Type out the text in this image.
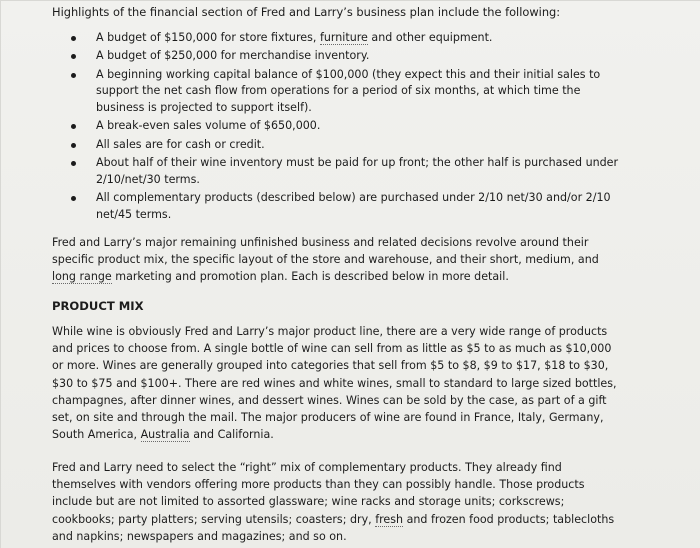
Highlights of the financial section of Fred and Larry’s business plan include the following:

A budget of $150,000 for store fixtures, furniture and other equipment.
A budget of $250,000 for merchandise inventory.
A beginning working capital balance of $100,000 (they expect this and their initial sales to support the net cash flow from operations for a period of six months, at which time the business is projected to support itself).
A break-even sales volume of $650,000.
All sales are for cash or credit.
About half of their wine inventory must be paid for up front; the other half is purchased under 2/10/net/30 terms.
All complementary products (described below) are purchased under 2/10 net/30 and/or 2/10 net/45 terms.

Fred and Larry’s major remaining unfinished business and related decisions revolve around their specific product mix, the specific layout of the store and warehouse, and their short, medium, and long range marketing and promotion plan. Each is described below in more detail.

PRODUCT MIX

While wine is obviously Fred and Larry’s major product line, there are a very wide range of products and prices to choose from. A single bottle of wine can sell from as little as $5 to as much as $10,000 or more. Wines are generally grouped into categories that sell from $5 to $8, $9 to $17, $18 to $30, $30 to $75 and $100+. There are red wines and white wines, small to standard to large sized bottles, champagnes, after dinner wines, and dessert wines. Wines can be sold by the case, as part of a gift set, on site and through the mail. The major producers of wine are found in France, Italy, Germany, South America, Australia and California.

Fred and Larry need to select the “right” mix of complementary products. They already find themselves with vendors offering more products than they can possibly handle. Those products include but are not limited to assorted glassware; wine racks and storage units; corkscrews; cookbooks; party platters; serving utensils; coasters; dry, fresh and frozen food products; tablecloths and napkins; newspapers and magazines; and so on.
